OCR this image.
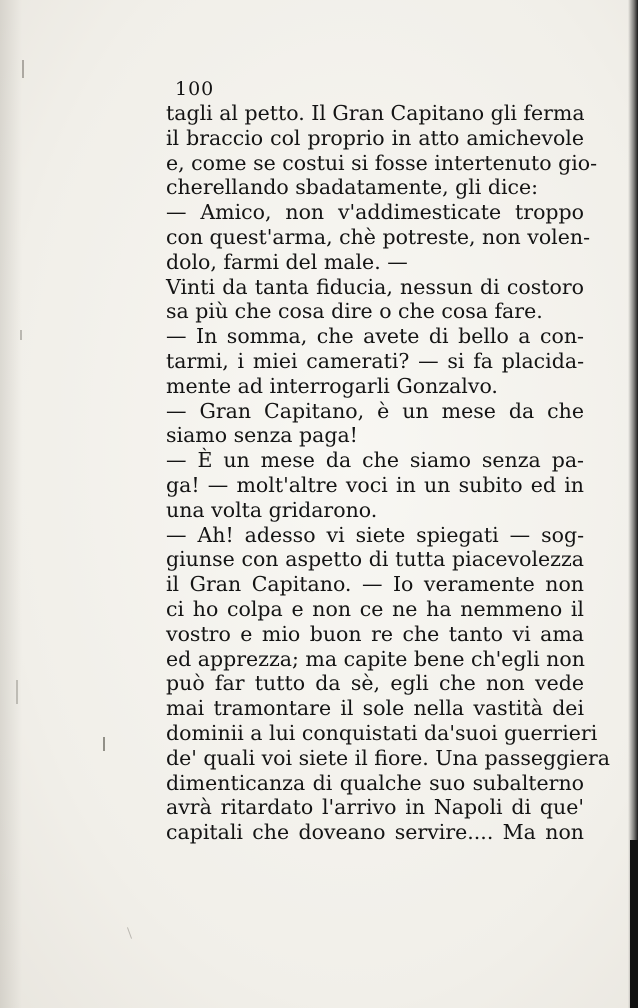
100
tagli al petto. Il Gran Capitano gli ferma
il braccio col proprio in atto amichevole
e, come se costui si fosse intertenuto gio-
cherellando sbadatamente, gli dice:
— Amico, non v'addimesticate troppo
con quest'arma, chè potreste, non volen-
dolo, farmi del male. —
Vinti da tanta fiducia, nessun di costoro
sa più che cosa dire o che cosa fare.
— In somma, che avete di bello a con-
tarmi, i miei camerati? — si fa placida-
mente ad interrogarli Gonzalvo.
— Gran Capitano, è un mese da che
siamo senza paga!
— È un mese da che siamo senza pa-
ga! — molt'altre voci in un subito ed in
una volta gridarono.
— Ah! adesso vi siete spiegati — sog-
giunse con aspetto di tutta piacevolezza
il Gran Capitano. — Io veramente non
ci ho colpa e non ce ne ha nemmeno il
vostro e mio buon re che tanto vi ama
ed apprezza; ma capite bene ch'egli non
può far tutto da sè, egli che non vede
mai tramontare il sole nella vastità dei
dominii a lui conquistati da'suoi guerrieri
de' quali voi siete il fiore. Una passeggiera
dimenticanza di qualche suo subalterno
avrà ritardato l'arrivo in Napoli di que'
capitali che doveano servire.... Ma non
